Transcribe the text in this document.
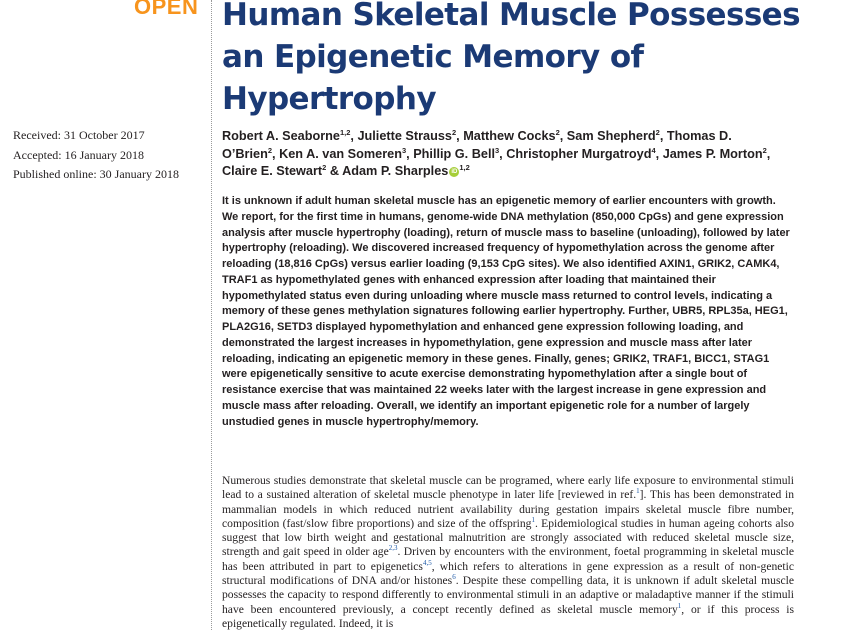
OPEN
Received: 31 October 2017
Accepted: 16 January 2018
Published online: 30 January 2018
Human Skeletal Muscle Possesses an Epigenetic Memory of Hypertrophy
Robert A. Seaborne$^{1,2}$, Juliette Strauss$^2$, Matthew Cocks$^2$, Sam Shepherd$^2$, Thomas D. O’Brien$^2$, Ken A. van Someren$^3$, Phillip G. Bell$^3$, Christopher Murgatroyd$^4$, James P. Morton$^2$, Claire E. Stewart$^2$ & Adam P. Sharples iD $^{1,2}$

It is unknown if adult human skeletal muscle has an epigenetic memory of earlier encounters with growth. We report, for the first time in humans, genome-wide DNA methylation (850,000 CpGs) and gene expression analysis after muscle hypertrophy (loading), return of muscle mass to baseline (unloading), followed by later hypertrophy (reloading). We discovered increased frequency of hypomethylation across the genome after reloading (18,816 CpGs) versus earlier loading (9,153 CpG sites). We also identified AXIN1, GRIK2, CAMK4, TRAF1 as hypomethylated genes with enhanced expression after loading that maintained their hypomethylated status even during unloading where muscle mass returned to control levels, indicating a memory of these genes methylation signatures following earlier hypertrophy. Further, UBR5, RPL35a, HEG1, PLA2G16, SETD3 displayed hypomethylation and enhanced gene expression following loading, and demonstrated the largest increases in hypomethylation, gene expression and muscle mass after later reloading, indicating an epigenetic memory in these genes. Finally, genes; GRIK2, TRAF1, BICC1, STAG1 were epigenetically sensitive to acute exercise demonstrating hypomethylation after a single bout of resistance exercise that was maintained 22 weeks later with the largest increase in gene expression and muscle mass after reloading. Overall, we identify an important epigenetic role for a number of largely unstudied genes in muscle hypertrophy/memory.

Numerous studies demonstrate that skeletal muscle can be programed, where early life exposure to environmental stimuli lead to a sustained alteration of skeletal muscle phenotype in later life [reviewed in ref.$^1$]. This has been demonstrated in mammalian models in which reduced nutrient availability during gestation impairs skeletal muscle fibre number, composition (fast/slow fibre proportions) and size of the offspring$^1$. Epidemiological studies in human ageing cohorts also suggest that low birth weight and gestational malnutrition are strongly associated with reduced skeletal muscle size, strength and gait speed in older age$^{2,3}$. Driven by encounters with the environment, foetal programming in skeletal muscle has been attributed in part to epigenetics$^{4,5}$, which refers to alterations in gene expression as a result of non-genetic structural modifications of DNA and/or histones$^6$. Despite these compelling data, it is unknown if adult skeletal muscle possesses the capacity to respond differently to environmental stimuli in an adaptive or maladaptive manner if the stimuli have been encountered previously, a concept recently defined as skeletal muscle memory$^1$, or if this process is epigenetically regulated. Indeed, it is
